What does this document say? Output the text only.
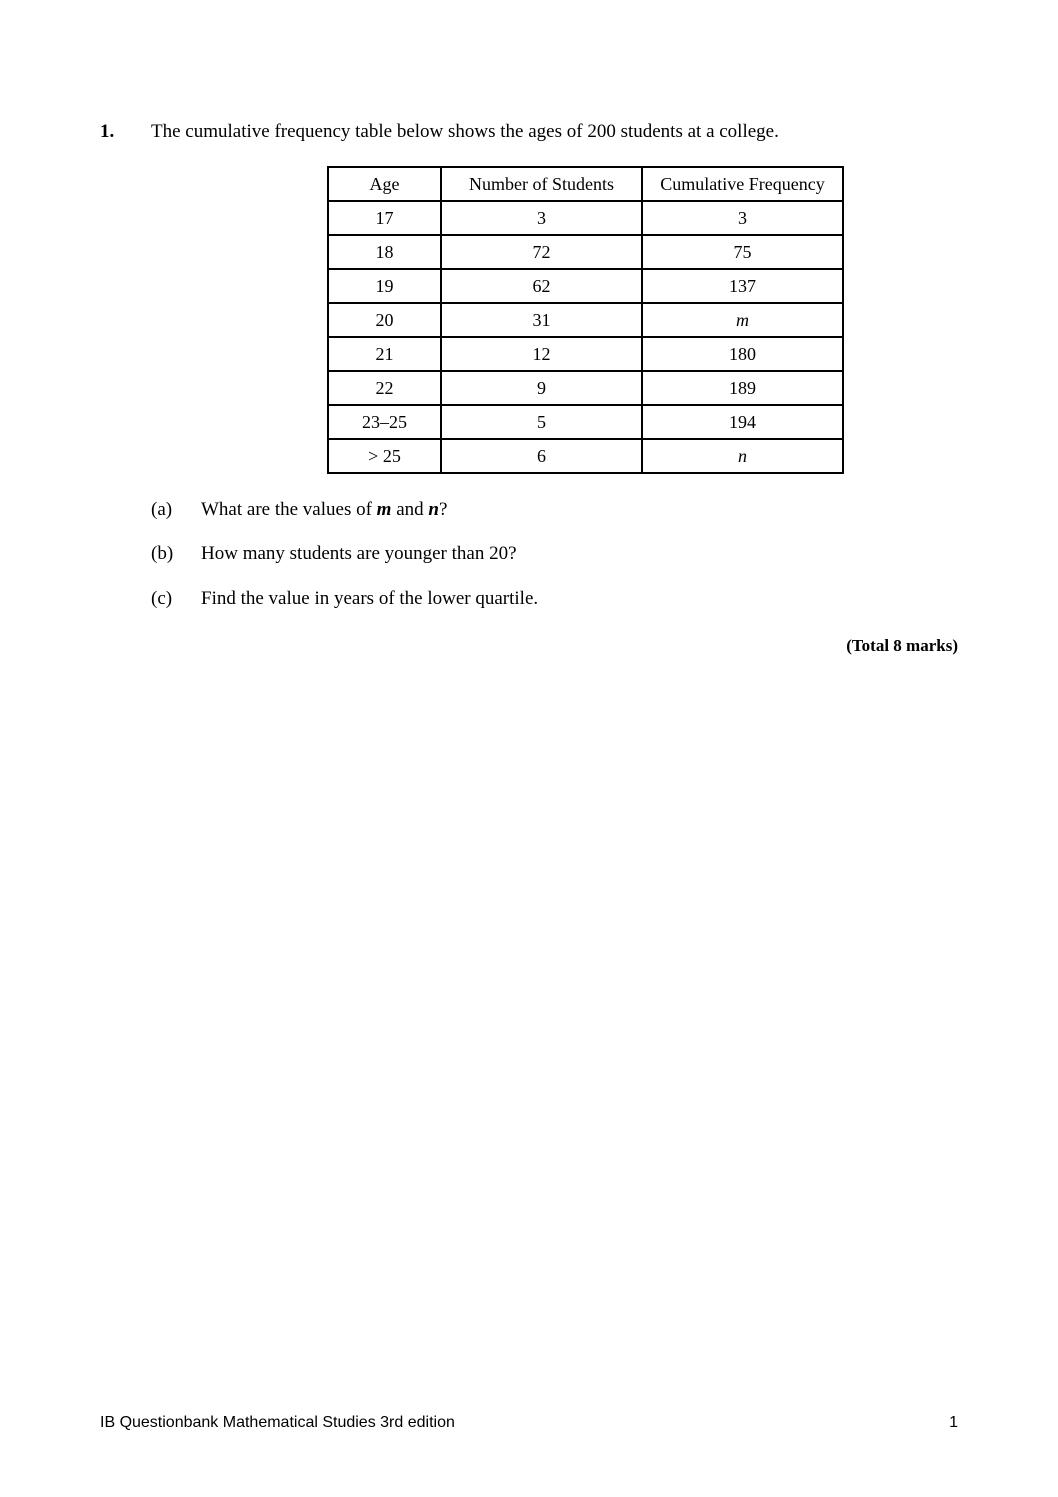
1. The cumulative frequency table below shows the ages of 200 students at a college.
Age	Number of Students	Cumulative Frequency
17	3	3
18	72	75
19	62	137
20	31	m
21	12	180
22	9	189
23–25	5	194
> 25	6	n
(a) What are the values of m and n?
(b) How many students are younger than 20?
(c) Find the value in years of the lower quartile.
(Total 8 marks)
IB Questionbank Mathematical Studies 3rd edition	1
